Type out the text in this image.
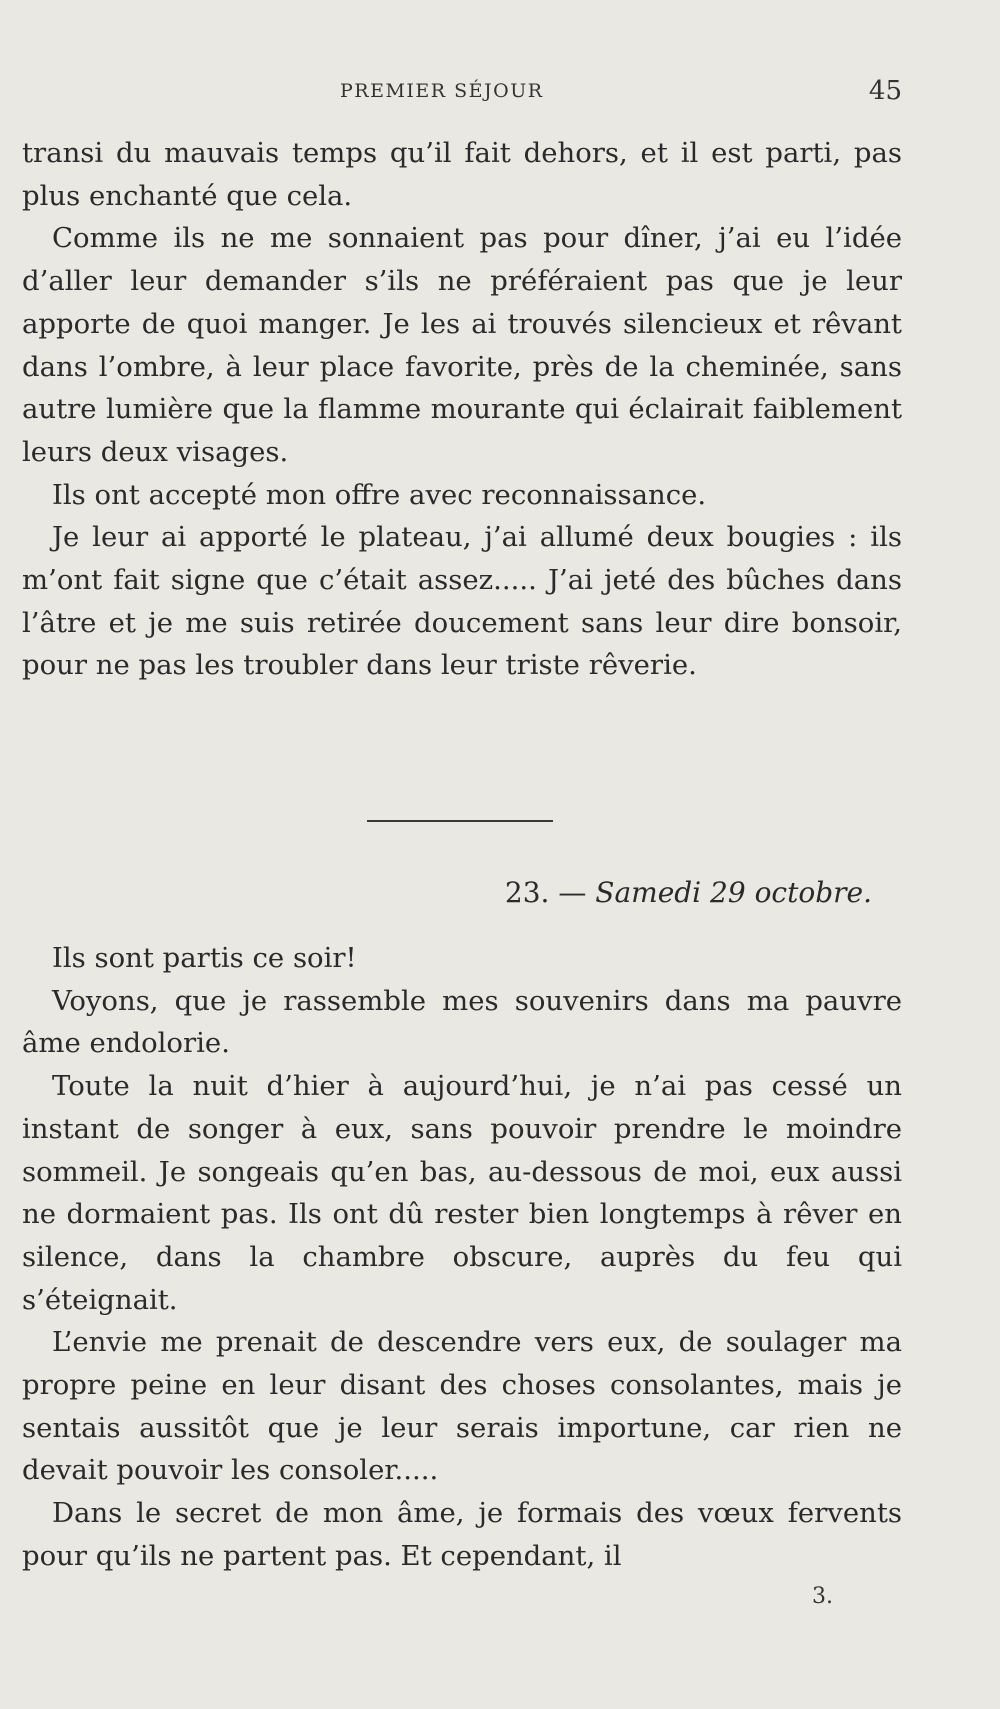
PREMIER SÉJOUR	45

transi du mauvais temps qu’il fait dehors, et il est parti, pas plus enchanté que cela.

Comme ils ne me sonnaient pas pour dîner, j’ai eu l’idée d’aller leur demander s’ils ne préféraient pas que je leur apporte de quoi manger. Je les ai trouvés silencieux et rêvant dans l’ombre, à leur place favorite, près de la cheminée, sans autre lumière que la flamme mourante qui éclairait faiblement leurs deux visages.

Ils ont accepté mon offre avec reconnaissance.

Je leur ai apporté le plateau, j’ai allumé deux bougies : ils m’ont fait signe que c’était assez..... J’ai jeté des bûches dans l’âtre et je me suis retirée doucement sans leur dire bonsoir, pour ne pas les troubler dans leur triste rêverie.

23. — Samedi 29 octobre.

Ils sont partis ce soir!

Voyons, que je rassemble mes souvenirs dans ma pauvre âme endolorie.

Toute la nuit d’hier à aujourd’hui, je n’ai pas cessé un instant de songer à eux, sans pouvoir prendre le moindre sommeil. Je songeais qu’en bas, au-dessous de moi, eux aussi ne dormaient pas. Ils ont dû rester bien longtemps à rêver en silence, dans la chambre obscure, auprès du feu qui s’éteignait.

L’envie me prenait de descendre vers eux, de soulager ma propre peine en leur disant des choses consolantes, mais je sentais aussitôt que je leur serais importune, car rien ne devait pouvoir les consoler.....

Dans le secret de mon âme, je formais des vœux fervents pour qu’ils ne partent pas. Et cependant, il

3.
